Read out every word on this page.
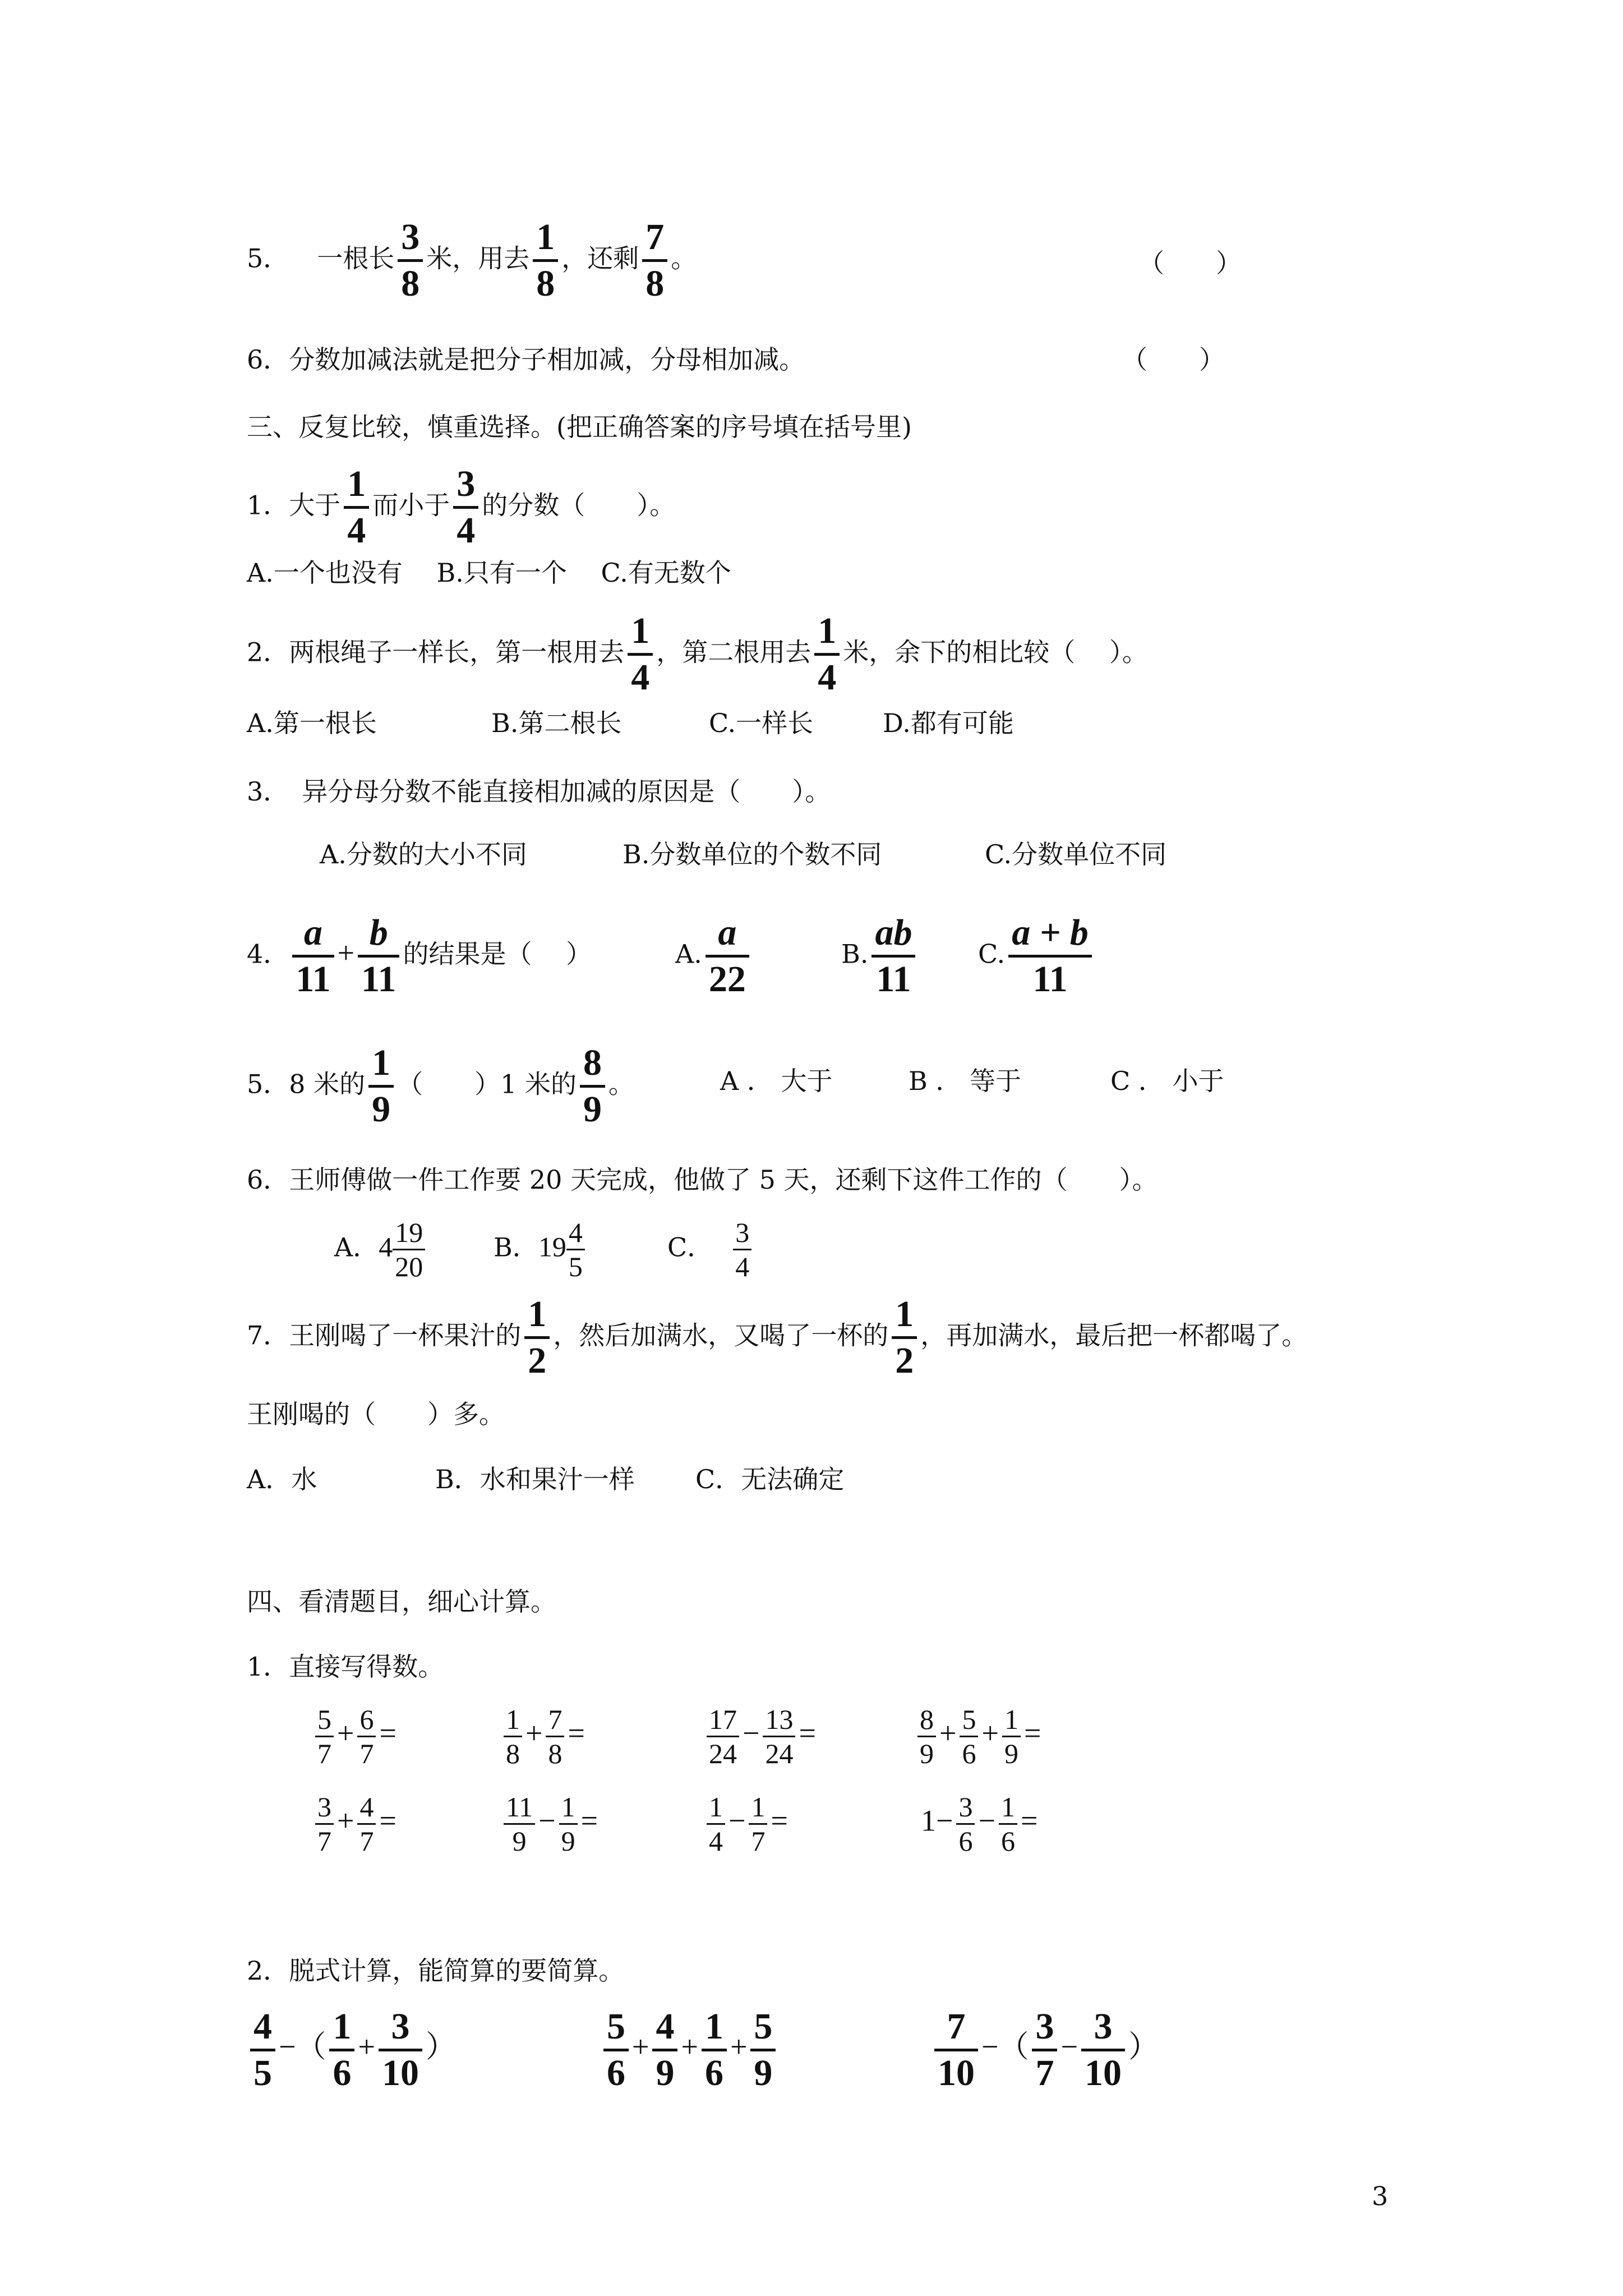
5． 一根长 $\frac{3}{8}$ 米，用去 $\frac{1}{8}$ ，还剩 $\frac{7}{8}$ 。	（　　）
6．分数加减法就是把分子相加减，分母相加减。	（　　）
三、反复比较，慎重选择。(把正确答案的序号填在括号里)
1．大于 $\frac{1}{4}$ 而小于 $\frac{3}{4}$ 的分数（　　）。
A.一个也没有　 B.只有一个　 C.有无数个
2．两根绳子一样长，第一根用去 $\frac{1}{4}$ ，第二根用去 $\frac{1}{4}$ 米，余下的相比较（　 ）。
A.第一根长	B.第二根长	C.一样长	D.都有可能
3．　异分母分数不能直接相加减的原因是（　　）。
A.分数的大小不同	B.分数单位的个数不同	C.分数单位不同
4． $\frac{a}{11} + \frac{b}{11}$ 的结果是（　 ）	A. $\frac{a}{22}$	B. $\frac{ab}{11} C$. $\frac{a + b}{11}$
5．8 米的 $\frac{1}{9}$ （　　）1 米的 $\frac{8}{9}$ 。	A ． 大于	B ． 等于	C ． 小于
6．王师傅做一件工作要 20 天完成，他做了 5 天，还剩下这件工作的（　　）。
A．$4 \frac{19}{20}$	B．$19 \frac{4}{5}$	C． $\frac{3}{4}$
7．王刚喝了一杯果汁的 $\frac{1}{2}$ ，然后加满水，又喝了一杯的 $\frac{1}{2}$ ，再加满水，最后把一杯都喝了。
王刚喝的（　　）多。
A．水	B．水和果汁一样 C．无法确定
四、看清题目，细心计算。
1．直接写得数。
$\frac{5}{7} + \frac{6}{7}$ =	$\frac{1}{8} + \frac{7}{8}$ =	$\frac{17}{24} - \frac{13}{24}$ =	$\frac{8}{9} + \frac{5}{6} + \frac{1}{9}$ =
$\frac{3}{7} + \frac{4}{7}$ =	$\frac{11}{9} - \frac{1}{9}$ =	$\frac{1}{4} - \frac{1}{7}$ =	$1- \frac{3}{6} - \frac{1}{6}$ =
2．脱式计算，能简算的要简算。
$\frac{4}{5}$ −（ $\frac{1}{6} + \frac{3}{10}$ ）	$\frac{5}{6} + \frac{4}{9} + \frac{1}{6} + \frac{5}{9}$	$\frac{7}{10}$ −（ $\frac{3}{7} - \frac{3}{10}$ ）
3
